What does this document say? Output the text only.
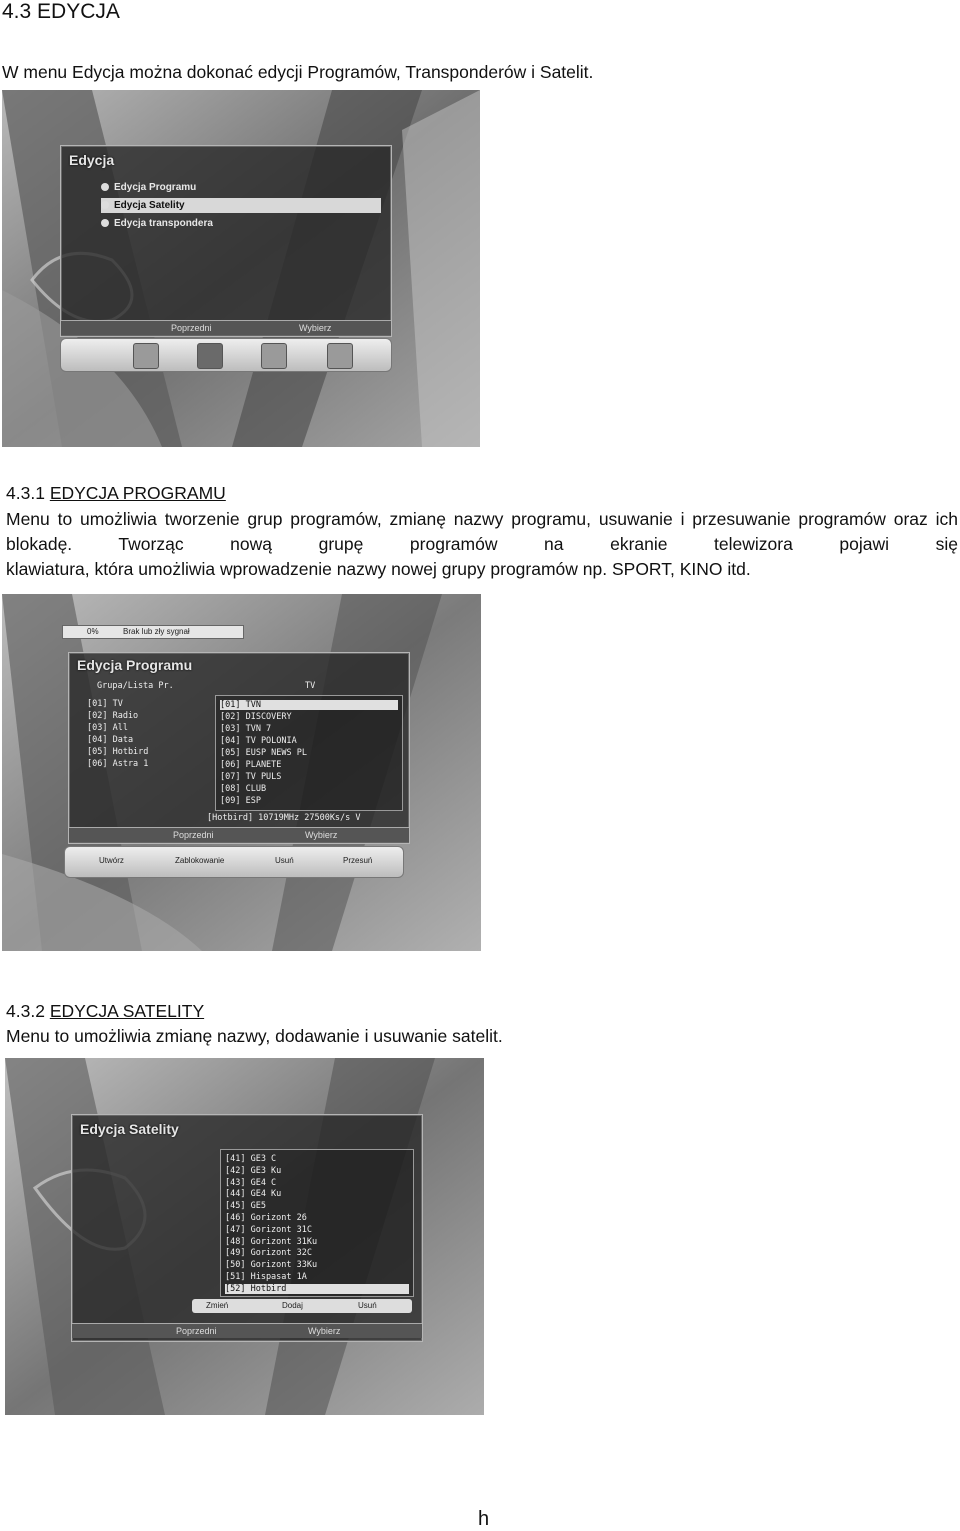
4.3 EDYCJA
W menu Edycja można dokonać edycji Programów, Transponderów i Satelit.
Edycja
Edycja Programu
Edycja Satelity
Edycja transpondera
Poprzedni	Wybierz
4.3.1 EDYCJA PROGRAMU
Menu to umożliwia tworzenie grup programów, zmianę nazwy programu, usuwanie i przesuwanie programów oraz ich blokadę. Tworząc nową grupę programów na ekranie telewizora pojawi się
klawiatura, która umożliwia wprowadzenie nazwy nowej grupy programów np. SPORT, KINO itd.
0%	Brak lub zły sygnał
Edycja Programu
Grupa/Lista Pr.	TV
[01] TV
[02] Radio
[03] All
[04] Data
[05] Hotbird
[06] Astra 1
[01] TVN
[02] DISCOVERY
[03] TVN 7
[04] TV POLONIA
[05] EUSP NEWS PL
[06] PLANETE
[07] TV PULS
[08] CLUB
[09] ESP
[Hotbird] 10719MHz 27500Ks/s V
Poprzedni	Wybierz
Utwórz	Zablokowanie	Usuń	Przesuń
4.3.2 EDYCJA SATELITY
Menu to umożliwia zmianę nazwy, dodawanie i usuwanie satelit.
Edycja Satelity
[41] GE3 C
[42] GE3 Ku
[43] GE4 C
[44] GE4 Ku
[45] GE5
[46] Gorizont 26
[47] Gorizont 31C
[48] Gorizont 31Ku
[49] Gorizont 32C
[50] Gorizont 33Ku
[51] Hispasat 1A
[52] Hotbird
Zmień	Dodaj	Usuń
Poprzedni	Wybierz
h
